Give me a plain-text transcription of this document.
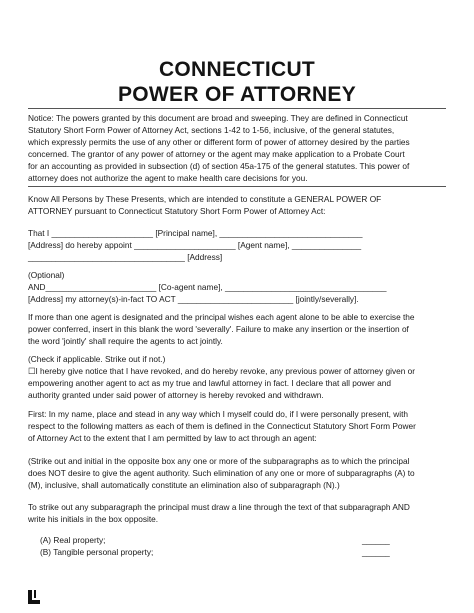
CONNECTICUT
POWER OF ATTORNEY
Notice: The powers granted by this document are broad and sweeping. They are defined in Connecticut
Statutory Short Form Power of Attorney Act, sections 1-42 to 1-56, inclusive, of the general statutes,
which expressly permits the use of any other or different form of power of attorney desired by the parties
concerned. The grantor of any power of attorney or the agent may make application to a Probate Court
for an accounting as provided in subsection (d) of section 45a-175 of the general statutes. This power of
attorney does not authorize the agent to make health care decisions for you.
Know All Persons by These Presents, which are intended to constitute a GENERAL POWER OF
ATTORNEY pursuant to Connecticut Statutory Short Form Power of Attorney Act:
That I ______________________ [Principal name], _______________________________
[Address] do hereby appoint ______________________ [Agent name], _______________
__________________________________ [Address]
(Optional)
AND________________________ [Co-agent name], ___________________________________
[Address] my attorney(s)-in-fact TO ACT _________________________ [jointly/severally].
If more than one agent is designated and the principal wishes each agent alone to be able to exercise the
power conferred, insert in this blank the word 'severally'. Failure to make any insertion or the insertion of
the word 'jointly' shall require the agents to act jointly.
(Check if applicable. Strike out if not.)
☐I hereby give notice that I have revoked, and do hereby revoke, any previous power of attorney given or
empowering another agent to act as my true and lawful attorney in fact. I declare that all power and
authority granted under said power of attorney is hereby revoked and withdrawn.
First: In my name, place and stead in any way which I myself could do, if I were personally present, with
respect to the following matters as each of them is defined in the Connecticut Statutory Short Form Power
of Attorney Act to the extent that I am permitted by law to act through an agent:
(Strike out and initial in the opposite box any one or more of the subparagraphs as to which the principal
does NOT desire to give the agent authority. Such elimination of any one or more of subparagraphs (A) to
(M), inclusive, shall automatically constitute an elimination also of subparagraph (N).)
To strike out any subparagraph the principal must draw a line through the text of that subparagraph AND
write his initials in the box opposite.
(A) Real property;	______
(B) Tangible personal property;	______
